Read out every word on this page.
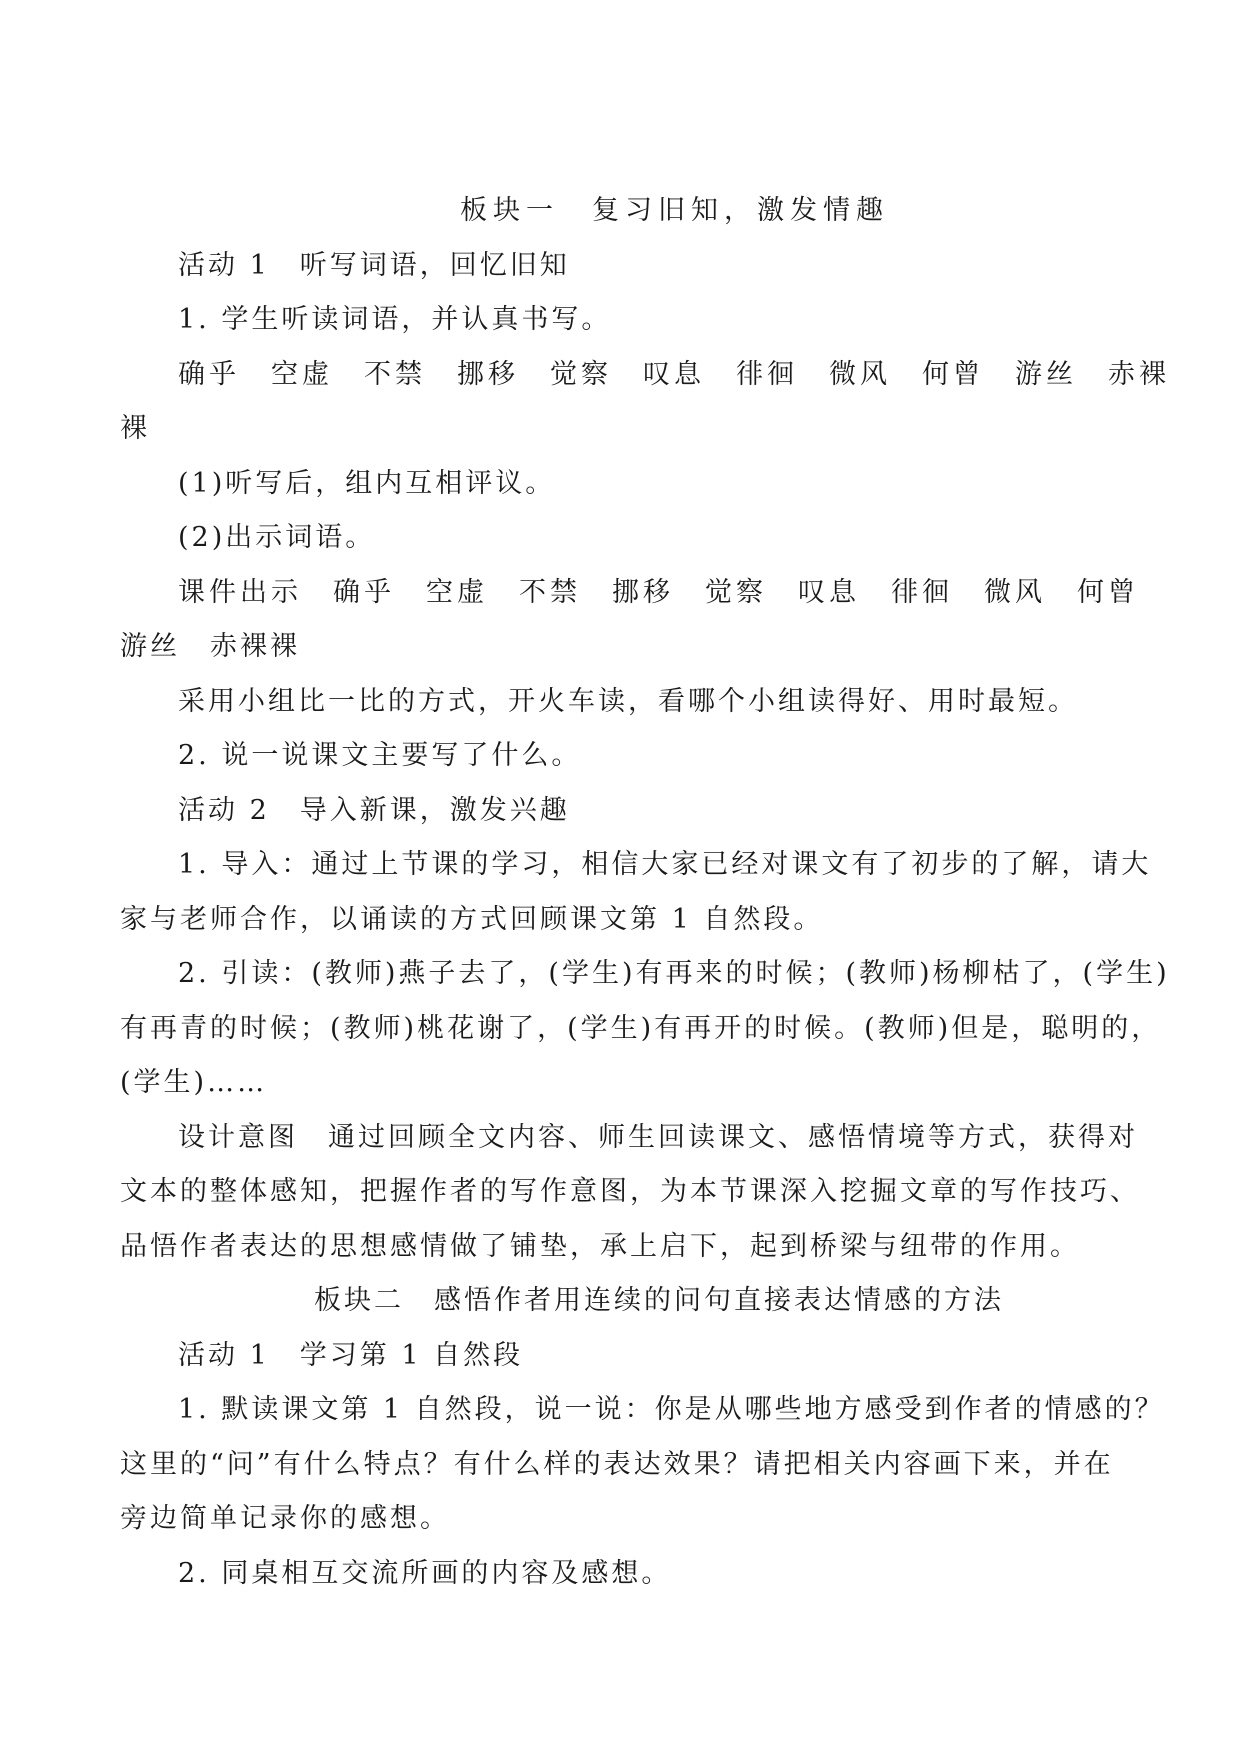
板块一　复习旧知，激发情趣
活动 1　听写词语，回忆旧知
1. 学生听读词语，并认真书写。
确乎　空虚　不禁　挪移　觉察　叹息　徘徊　微风　何曾　游丝　赤裸
裸
(1)听写后，组内互相评议。
(2)出示词语。
课件出示　确乎　空虚　不禁　挪移　觉察　叹息　徘徊　微风　何曾
游丝　赤裸裸
采用小组比一比的方式，开火车读，看哪个小组读得好、用时最短。
2. 说一说课文主要写了什么。
活动 2　导入新课，激发兴趣
1. 导入：通过上节课的学习，相信大家已经对课文有了初步的了解，请大
家与老师合作，以诵读的方式回顾课文第 1 自然段。
2. 引读：(教师)燕子去了，(学生)有再来的时候；(教师)杨柳枯了，(学生)
有再青的时候；(教师)桃花谢了，(学生)有再开的时候。(教师)但是，聪明的，
(学生)……
设计意图　通过回顾全文内容、师生回读课文、感悟情境等方式，获得对
文本的整体感知，把握作者的写作意图，为本节课深入挖掘文章的写作技巧、
品悟作者表达的思想感情做了铺垫，承上启下，起到桥梁与纽带的作用。
板块二　感悟作者用连续的问句直接表达情感的方法
活动 1　学习第 1 自然段
1. 默读课文第 1 自然段，说一说：你是从哪些地方感受到作者的情感的？
这里的“问”有什么特点？有什么样的表达效果？请把相关内容画下来，并在
旁边简单记录你的感想。
2. 同桌相互交流所画的内容及感想。
